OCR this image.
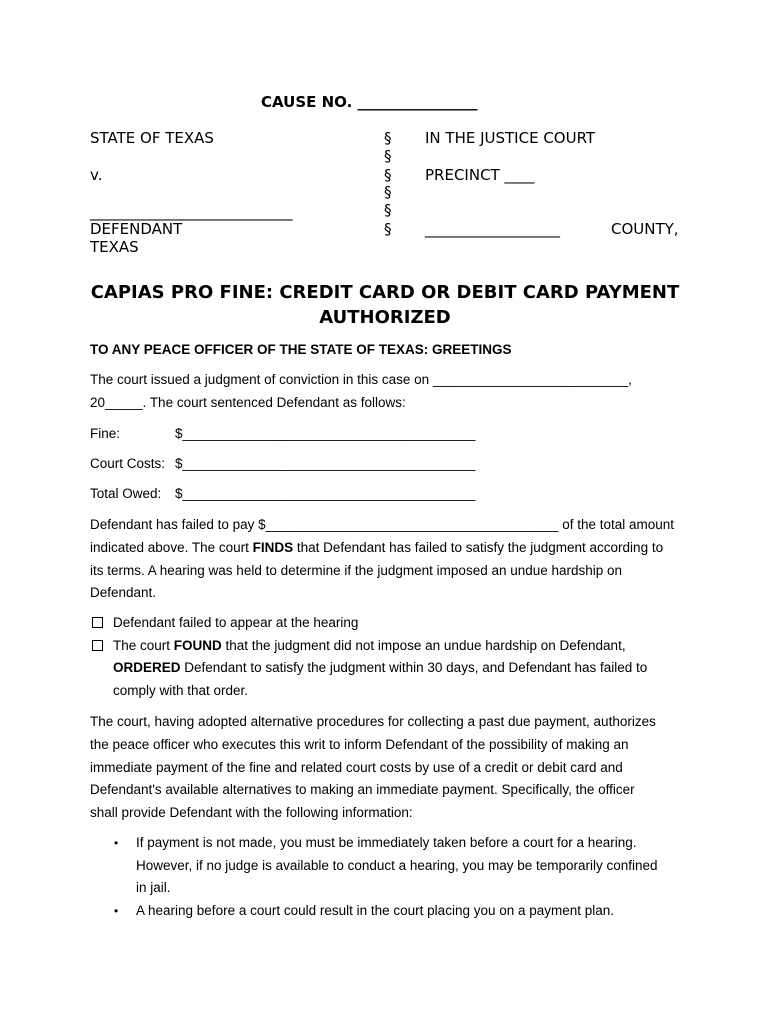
CAUSE NO. ________________
STATE OF TEXAS
v.
___________________________
DEFENDANT
TEXAS
§
§
§
§
§
§
IN THE JUSTICE COURT
PRECINCT ____
__________________	COUNTY,
CAPIAS PRO FINE: CREDIT CARD OR DEBIT CARD PAYMENT
AUTHORIZED
TO ANY PEACE OFFICER OF THE STATE OF TEXAS: GREETINGS
The court issued a judgment of conviction in this case on __________________________,
20_____. The court sentenced Defendant as follows:
Fine:	$_______________________________________
Court Costs: $_______________________________________
Total Owed: $_______________________________________
Defendant has failed to pay $_______________________________________ of the total amount
indicated above. The court FINDS that Defendant has failed to satisfy the judgment according to
its terms. A hearing was held to determine if the judgment imposed an undue hardship on
Defendant.
Defendant failed to appear at the hearing
The court FOUND that the judgment did not impose an undue hardship on Defendant,
ORDERED Defendant to satisfy the judgment within 30 days, and Defendant has failed to
comply with that order.
The court, having adopted alternative procedures for collecting a past due payment, authorizes
the peace officer who executes this writ to inform Defendant of the possibility of making an
immediate payment of the fine and related court costs by use of a credit or debit card and
Defendant's available alternatives to making an immediate payment. Specifically, the officer
shall provide Defendant with the following information:
• If payment is not made, you must be immediately taken before a court for a hearing.
However, if no judge is available to conduct a hearing, you may be temporarily confined
in jail.
• A hearing before a court could result in the court placing you on a payment plan.
